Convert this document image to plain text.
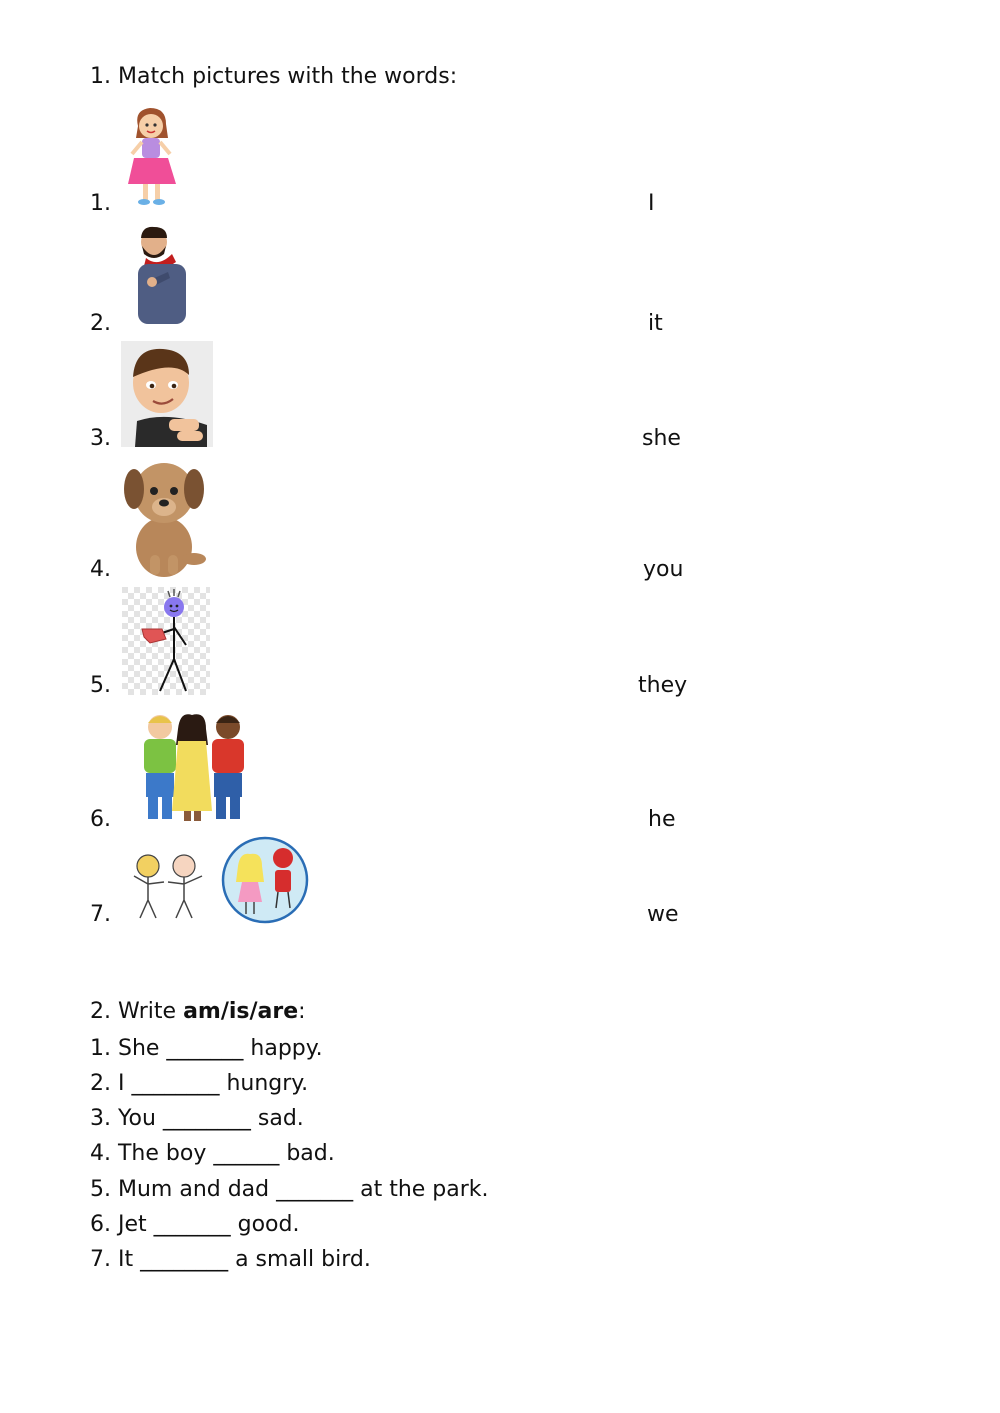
1. Match pictures with the words:
1.	I
2.	it
3.	she
4.	you
5.	they
6.	he
7.	we
2. Write am/is/are:
1. She _______ happy.
2. I ________ hungry.
3. You ________ sad.
4. The boy ______ bad.
5. Mum and dad _______ at the park.
6. Jet _______ good.
7. It ________ a small bird.
